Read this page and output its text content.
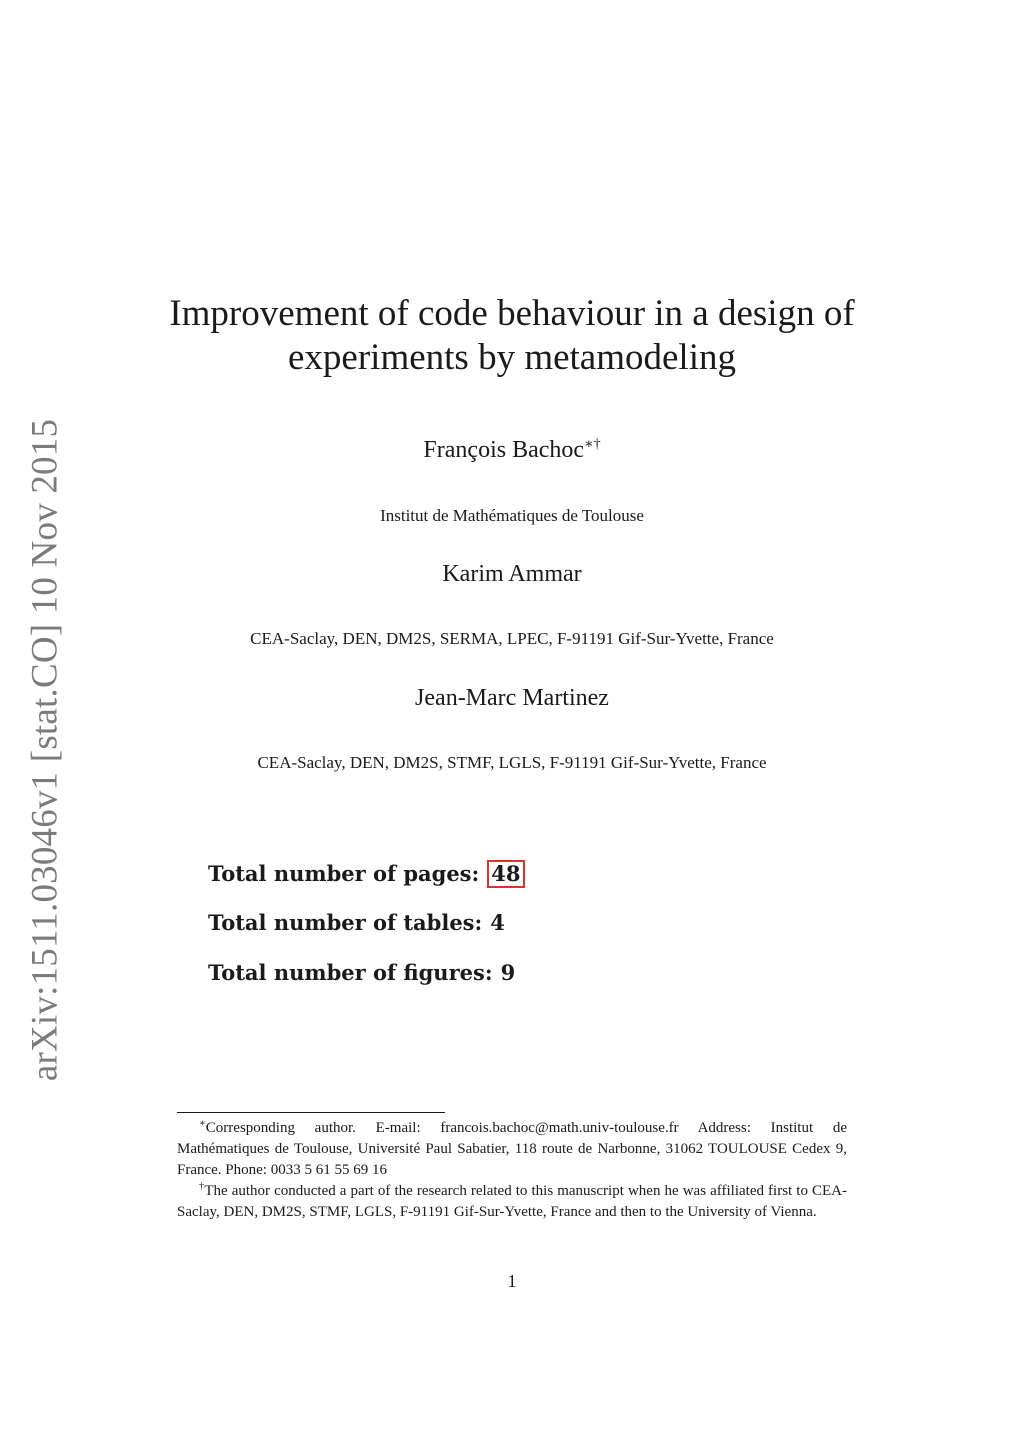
arXiv:1511.03046v1 [stat.CO] 10 Nov 2015
Improvement of code behaviour in a design of
experiments by metamodeling
François Bachoc∗†
Institut de Mathématiques de Toulouse
Karim Ammar
CEA-Saclay, DEN, DM2S, SERMA, LPEC, F-91191 Gif-Sur-Yvette, France
Jean-Marc Martinez
CEA-Saclay, DEN, DM2S, STMF, LGLS, F-91191 Gif-Sur-Yvette, France
Total number of pages: 48
Total number of tables: 4
Total number of figures: 9

∗Corresponding author. E-mail: francois.bachoc@math.univ-toulouse.fr Address: Institut de Mathématiques de Toulouse, Université Paul Sabatier, 118 route de Narbonne, 31062 TOULOUSE Cedex 9, France. Phone: 0033 5 61 55 69 16

†The author conducted a part of the research related to this manuscript when he was affiliated first to CEA-Saclay, DEN, DM2S, STMF, LGLS, F-91191 Gif-Sur-Yvette, France and then to the University of Vienna.

1
